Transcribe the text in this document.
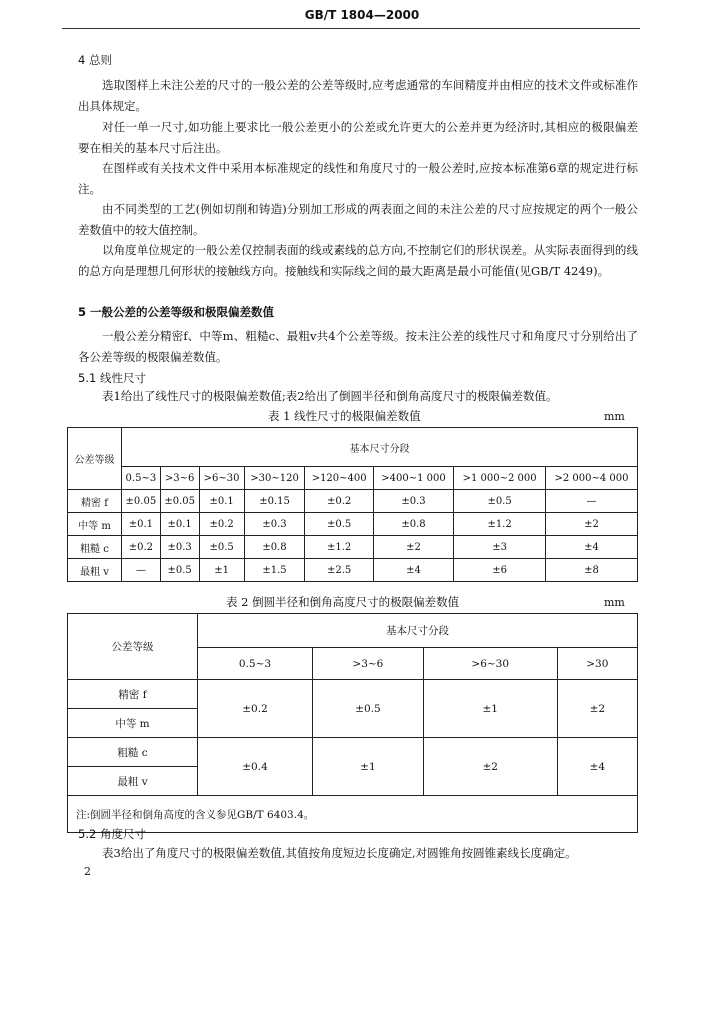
GB/T 1804—2000
4 总则
选取图样上未注公差的尺寸的一般公差的公差等级时,应考虑通常的车间精度并由相应的技术文件或标准作出具体规定。
对任一单一尺寸,如功能上要求比一般公差更小的公差或允许更大的公差并更为经济时,其相应的极限偏差要在相关的基本尺寸后注出。
在图样或有关技术文件中采用本标准规定的线性和角度尺寸的一般公差时,应按本标准第6章的规定进行标注。
由不同类型的工艺(例如切削和铸造)分别加工形成的两表面之间的未注公差的尺寸应按规定的两个一般公差数值中的较大值控制。
以角度单位规定的一般公差仅控制表面的线或素线的总方向,不控制它们的形状误差。从实际表面得到的线的总方向是理想几何形状的接触线方向。接触线和实际线之间的最大距离是最小可能值(见GB/T 4249)。
5 一般公差的公差等级和极限偏差数值
一般公差分精密f、中等m、粗糙c、最粗v共4个公差等级。按未注公差的线性尺寸和角度尺寸分别给出了各公差等级的极限偏差数值。
5.1 线性尺寸
表1给出了线性尺寸的极限偏差数值;表2给出了倒圆半径和倒角高度尺寸的极限偏差数值。
表 1 线性尺寸的极限偏差数值	mm
公差等级	基本尺寸分段							
	0.5~3	>3~6	>6~30	>30~120	>120~400	>400~1 000	>1 000~2 000	>2 000~4 000
精密 f	±0.05	±0.05	±0.1	±0.15	±0.2	±0.3	±0.5	—
中等 m	±0.1	±0.1	±0.2	±0.3	±0.5	±0.8	±1.2	±2
粗糙 c	±0.2	±0.3	±0.5	±0.8	±1.2	±2	±3	±4
最粗 v	—	±0.5	±1	±1.5	±2.5	±4	±6	±8
表 2 倒圆半径和倒角高度尺寸的极限偏差数值	mm
公差等级	基本尺寸分段			
	0.5~3	>3~6	>6~30	>30
精密 f	±0.2	±0.5	±1	±2
中等 m				
粗糙 c	±0.4	±1	±2	±4
最粗 v				
注:倒圆半径和倒角高度的含义参见GB/T 6403.4。				
5.2 角度尺寸
表3给出了角度尺寸的极限偏差数值,其值按角度短边长度确定,对圆锥角按圆锥素线长度确定。
2
